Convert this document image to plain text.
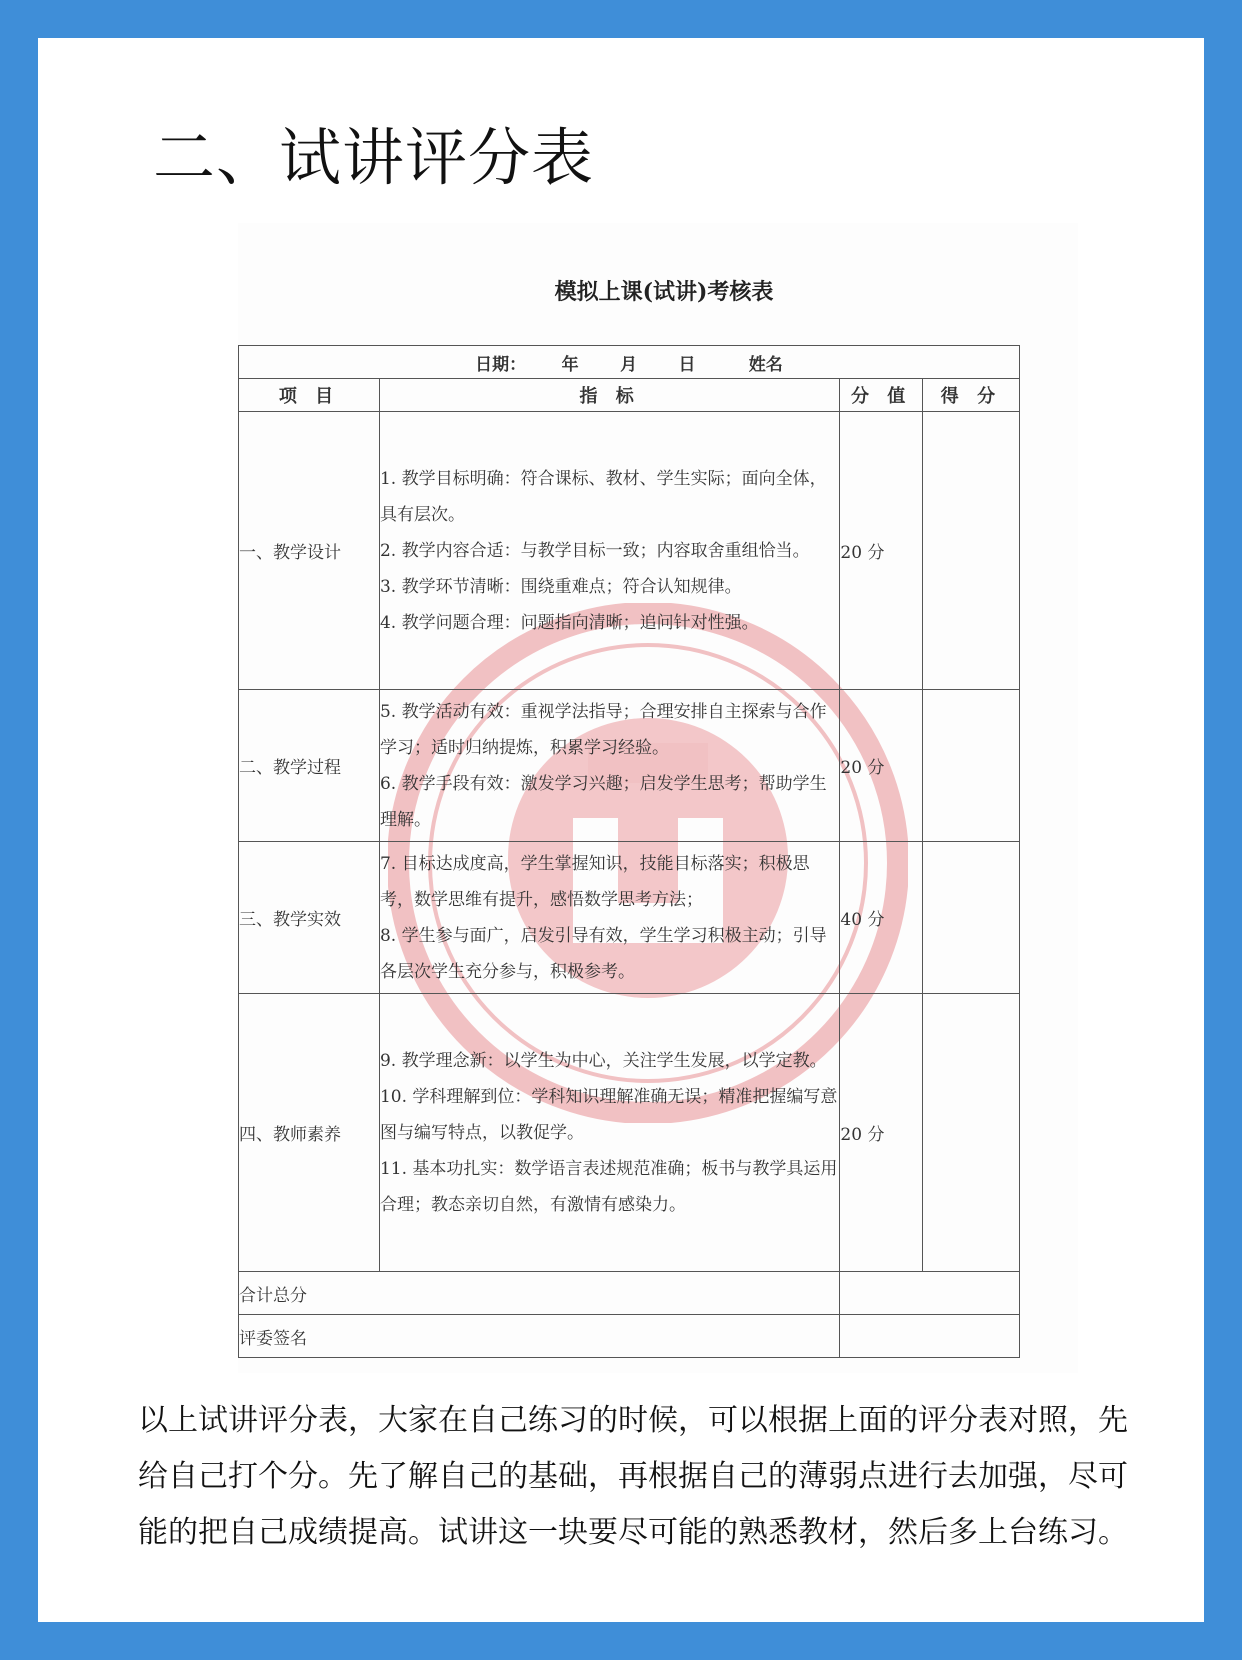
二、试讲评分表
模拟上课(试讲)考核表
日期：      年       月       日         姓名			
项 目	指 标	分 值	得 分
一、教学设计	1. 教学目标明确：符合课标、教材、学生实际；面向全体，具有层次。
2. 教学内容合适：与教学目标一致；内容取舍重组恰当。
3. 教学环节清晰：围绕重难点；符合认知规律。
4. 教学问题合理：问题指向清晰；追问针对性强。	20 分	
二、教学过程	5. 教学活动有效：重视学法指导；合理安排自主探索与合作学习；适时归纳提炼，积累学习经验。
6. 教学手段有效：激发学习兴趣；启发学生思考；帮助学生理解。	20 分	
三、教学实效	7. 目标达成度高，学生掌握知识，技能目标落实；积极思考，数学思维有提升，感悟数学思考方法；
8. 学生参与面广，启发引导有效，学生学习积极主动；引导各层次学生充分参与，积极参考。	40 分	
四、教师素养	9. 教学理念新：以学生为中心，关注学生发展，以学定教。
10. 学科理解到位：学科知识理解准确无误；精准把握编写意图与编写特点，以教促学。
11. 基本功扎实：数学语言表述规范准确；板书与教学具运用合理；教态亲切自然，有激情有感染力。	20 分	
合计总分			
评委签名			
以上试讲评分表，大家在自己练习的时候，可以根据上面的评分表对照，先给自己打个分。先了解自己的基础，再根据自己的薄弱点进行去加强，尽可能的把自己成绩提高。试讲这一块要尽可能的熟悉教材，然后多上台练习。
